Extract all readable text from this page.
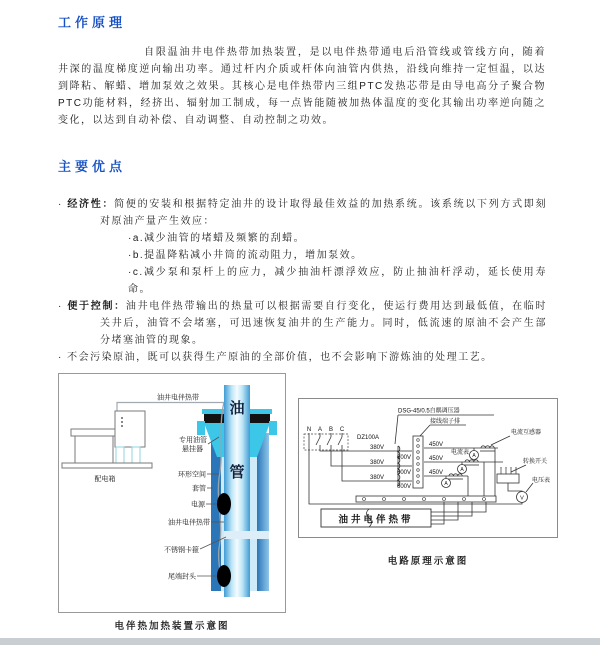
工作原理
自限温油井电伴热带加热装置，是以电伴热带通电后沿管线或管线方向，随着井深的温度梯度逆向输出功率。通过杆内介质或杆体向油管内供热，沿线向维持一定恒温，以达到降粘、解蜡、增加泵效之效果。其核心是电伴热带内三组PTC发热芯带是由导电高分子聚合物PTC功能材料，经挤出、辐射加工制成，每一点皆能随被加热体温度的变化其输出功率逆向随之变化，以达到自动补偿、自动调整、自动控制之功效。
主要优点
· 经济性：简便的安装和根据特定油井的设计取得最佳效益的加热系统。该系统以下列方式即刻对原油产量产生效应：
·a.减少油管的堵蜡及频繁的刮蜡。
·b.提温降粘减小井筒的流动阻力，增加泵效。
·c.减少泵和泵杆上的应力，减少抽油杆漂浮效应，防止抽油杆浮动，延长使用寿命。
· 便于控制：油井电伴热带输出的热量可以根据需要自行变化，使运行费用达到最低值，在临时关井后，油管不会堵塞，可迅速恢复油井的生产能力。同时，低流速的原油不会产生部分堵塞油管的现象。
· 不会污染原油，既可以获得生产原油的全部价值，也不会影响下游炼油的处理工艺。
油
管
配电箱
油井电伴热带
专用油管
悬挂器
环形空间
套管
电源
油井电伴热带
不锈钢卡箍
尾端封头
电伴热加热装置示意图
N A B C
DZ100A
A
A
A
V
油井电伴热带
380V
380V
380V
600V
600V
600V
450V
450V
450V
DSG-45/0.5自耦调压器
接线端子排
电流互感器
电流表
转换开关
电压表
电路原理示意图
